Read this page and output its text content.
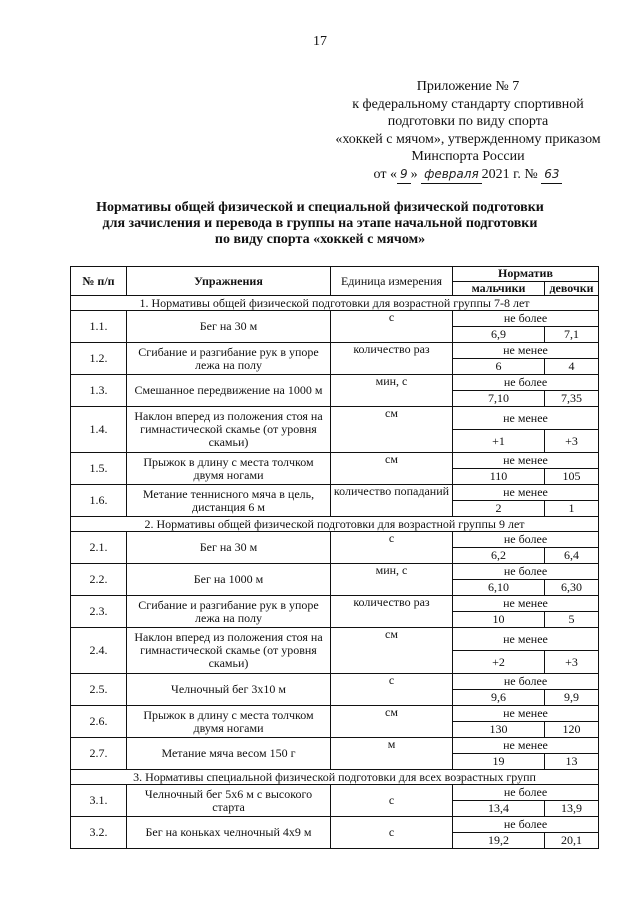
17
Приложение № 7
к федеральному стандарту спортивной
подготовки по виду спорта
«хоккей с мячом», утвержденному приказом
Минспорта России
от « 9 » февраля 2021 г. № 63
Нормативы общей физической и специальной физической подготовки
для зачисления и перевода в группы на этапе начальной подготовки
по виду спорта «хоккей с мячом»
№ п/п	Упражнения	Единица измерения	Норматив	
			мальчики	девочки
1. Нормативы общей физической подготовки для возрастной группы 7-8 лет				
1.1.	Бег на 30 м	с	не более	
			6,9	7,1
1.2.	Сгибание и разгибание рук в упоре лежа на полу	количество раз	не менее	
			6	4
1.3.	Смешанное передвижение на 1000 м	мин, с	не более	
			7,10	7,35
1.4.	Наклон вперед из положения стоя на гимнастической скамье (от уровня скамьи)	см	не менее	
			+1	+3
1.5.	Прыжок в длину с места толчком двумя ногами	см	не менее	
			110	105
1.6.	Метание теннисного мяча в цель, дистанция 6 м	количество попаданий	не менее	
			2	1
2. Нормативы общей физической подготовки для возрастной группы 9 лет				
2.1.	Бег на 30 м	с	не более	
			6,2	6,4
2.2.	Бег на 1000 м	мин, с	не более	
			6,10	6,30
2.3.	Сгибание и разгибание рук в упоре лежа на полу	количество раз	не менее	
			10	5
2.4.	Наклон вперед из положения стоя на гимнастической скамье (от уровня скамьи)	см	не менее	
			+2	+3
2.5.	Челночный бег 3x10 м	с	не более	
			9,6	9,9
2.6.	Прыжок в длину с места толчком двумя ногами	см	не менее	
			130	120
2.7.	Метание мяча весом 150 г	м	не менее	
			19	13
3. Нормативы специальной физической подготовки для всех возрастных групп				
3.1.	Челночный бег 5х6 м с высокого старта	с	не более	
			13,4	13,9
3.2.	Бег на коньках челночный 4х9 м	с	не более	
			19,2	20,1
